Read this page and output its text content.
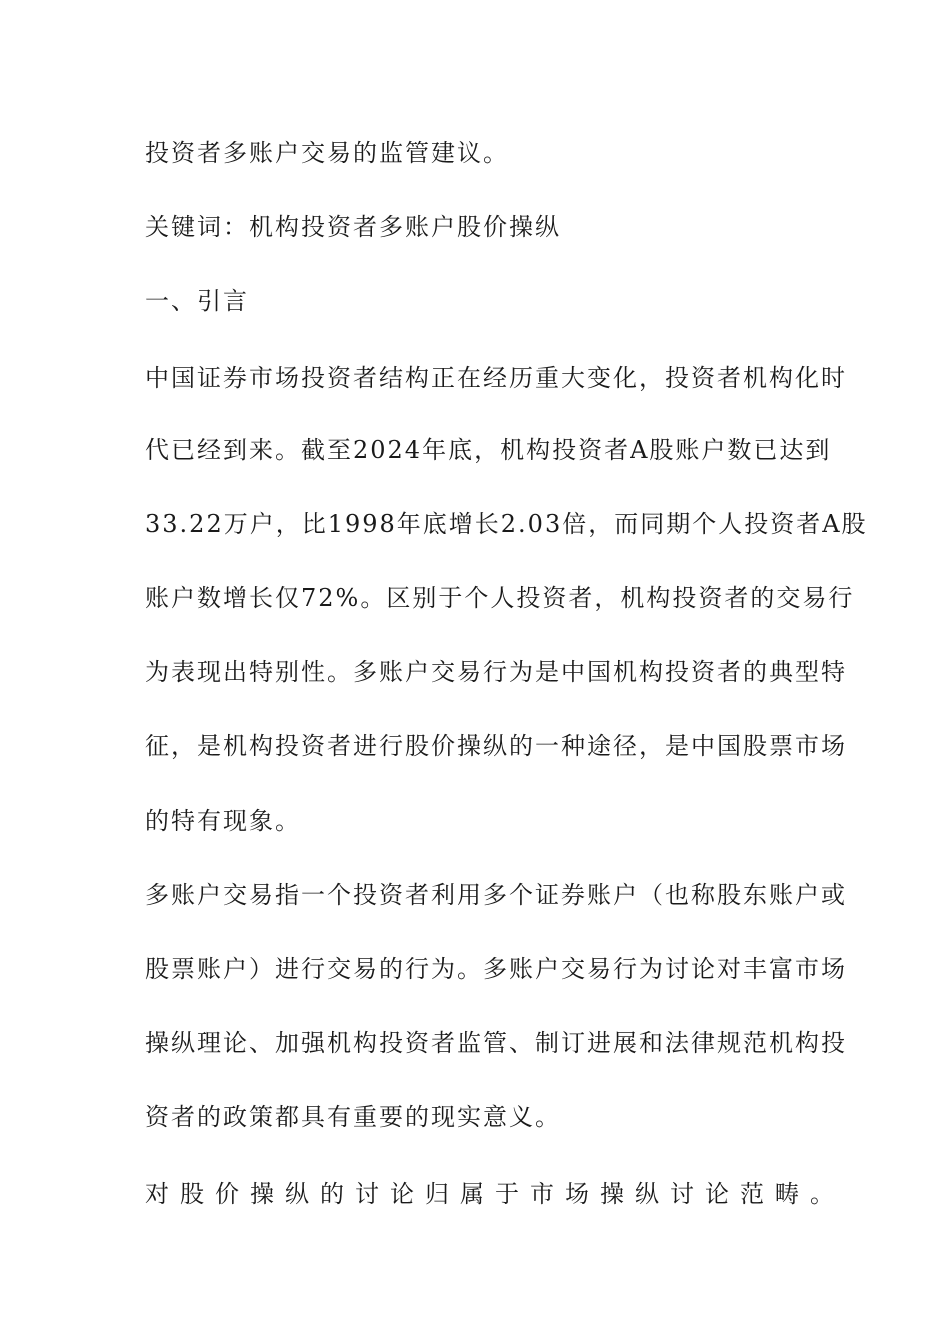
投资者多账户交易的监管建议。
关键词：机构投资者多账户股价操纵
一、引言
中国证券市场投资者结构正在经历重大变化，投资者机构化时
代已经到来。截至2024年底，机构投资者A股账户数已达到
33.22万户，比1998年底增长2.03倍，而同期个人投资者A股
账户数增长仅72%。区别于个人投资者，机构投资者的交易行
为表现出特别性。多账户交易行为是中国机构投资者的典型特
征，是机构投资者进行股价操纵的一种途径，是中国股票市场
的特有现象。
多账户交易指一个投资者利用多个证券账户（也称股东账户或
股票账户）进行交易的行为。多账户交易行为讨论对丰富市场
操纵理论、加强机构投资者监管、制订进展和法律规范机构投
资者的政策都具有重要的现实意义。
对股价操纵的讨论归属于市场操纵讨论范畴。
